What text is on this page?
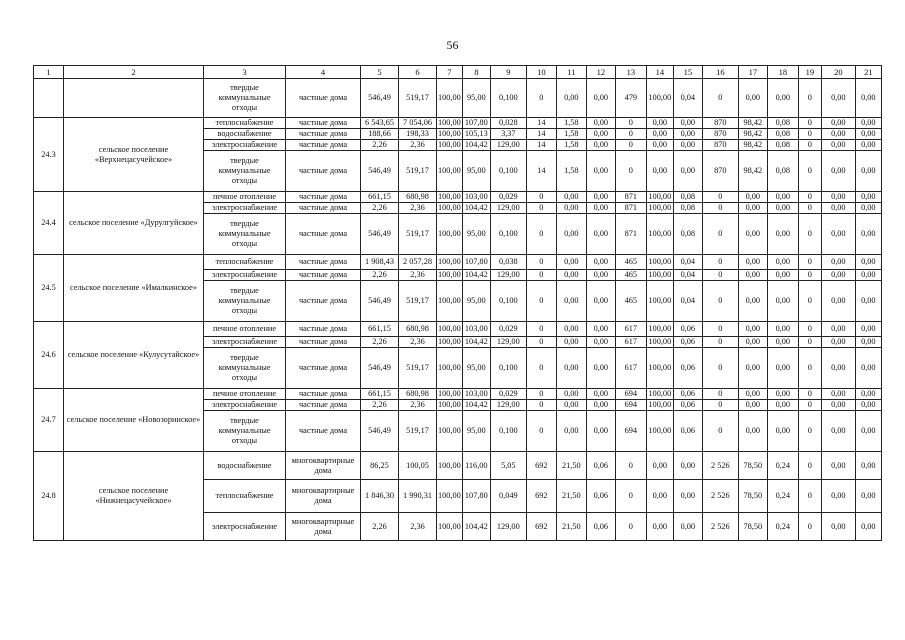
56
1	2	3	4	5	6	7	8	9	10	11	12	13	14	15	16	17	18	19	20	21
		твердые коммунальные отходы	частные дома	546,49	519,17	100,00	95,00	0,100	0	0,00	0,00	479	100,00	0,04	0	0,00	0,00	0	0,00	0,00
24.3	сельское поселение «Верхнецасучейское»	теплоснабжение	частные дома	6 543,65	7 054,06	100,00	107,80	0,028	14	1,58	0,00	0	0,00	0,00	870	98,42	0,08	0	0,00	0,00
		водоснабжение	частные дома	188,66	198,33	100,00	105,13	3,37	14	1,58	0,00	0	0,00	0,00	870	98,42	0,08	0	0,00	0,00
		электроснабжение	частные дома	2,26	2,36	100,00	104,42	129,00	14	1,58	0,00	0	0,00	0,00	870	98,42	0,08	0	0,00	0,00
		твердые коммунальные отходы	частные дома	546,49	519,17	100,00	95,00	0,100	14	1,58	0,00	0	0,00	0,00	870	98,42	0,08	0	0,00	0,00
24.4	сельское поселение «Дурулгуйское»	печное отопление	частные дома	661,15	680,98	100,00	103,00	0,029	0	0,00	0,00	871	100,00	0,08	0	0,00	0,00	0	0,00	0,00
		электроснабжение	частные дома	2,26	2,36	100,00	104,42	129,00	0	0,00	0,00	871	100,00	0,08	0	0,00	0,00	0	0,00	0,00
		твердые коммунальные отходы	частные дома	546,49	519,17	100,00	95,00	0,100	0	0,00	0,00	871	100,00	0,08	0	0,00	0,00	0	0,00	0,00
24.5	сельское поселение «Ималкинское»	теплоснабжение	частные дома	1 908,43	2 057,28	100,00	107,80	0,038	0	0,00	0,00	465	100,00	0,04	0	0,00	0,00	0	0,00	0,00
		электроснабжение	частные дома	2,26	2,36	100,00	104,42	129,00	0	0,00	0,00	465	100,00	0,04	0	0,00	0,00	0	0,00	0,00
		твердые коммунальные отходы	частные дома	546,49	519,17	100,00	95,00	0,100	0	0,00	0,00	465	100,00	0,04	0	0,00	0,00	0	0,00	0,00
24.6	сельское поселение «Кулусутайское»	печное отопление	частные дома	661,15	680,98	100,00	103,00	0,029	0	0,00	0,00	617	100,00	0,06	0	0,00	0,00	0	0,00	0,00
		электроснабжение	частные дома	2,26	2,36	100,00	104,42	129,00	0	0,00	0,00	617	100,00	0,06	0	0,00	0,00	0	0,00	0,00
		твердые коммунальные отходы	частные дома	546,49	519,17	100,00	95,00	0,100	0	0,00	0,00	617	100,00	0,06	0	0,00	0,00	0	0,00	0,00
24.7	сельское поселение «Новозоринское»	печное отопление	частные дома	661,15	680,98	100,00	103,00	0,029	0	0,00	0,00	694	100,00	0,06	0	0,00	0,00	0	0,00	0,00
		электроснабжение	частные дома	2,26	2,36	100,00	104,42	129,00	0	0,00	0,00	694	100,00	0,06	0	0,00	0,00	0	0,00	0,00
		твердые коммунальные отходы	частные дома	546,49	519,17	100,00	95,00	0,100	0	0,00	0,00	694	100,00	0,06	0	0,00	0,00	0	0,00	0,00
24.8	сельское поселение «Нижнецасучейское»	водоснабжение	многоквартирные дома	86,25	100,05	100,00	116,00	5,05	692	21,50	0,06	0	0,00	0,00	2 526	78,50	0,24	0	0,00	0,00
		теплоснабжение	многоквартирные дома	1 846,30	1 990,31	100,00	107,80	0,049	692	21,50	0,06	0	0,00	0,00	2 526	78,50	0,24	0	0,00	0,00
		электроснабжение	многоквартирные дома	2,26	2,36	100,00	104,42	129,00	692	21,50	0,06	0	0,00	0,00	2 526	78,50	0,24	0	0,00	0,00
